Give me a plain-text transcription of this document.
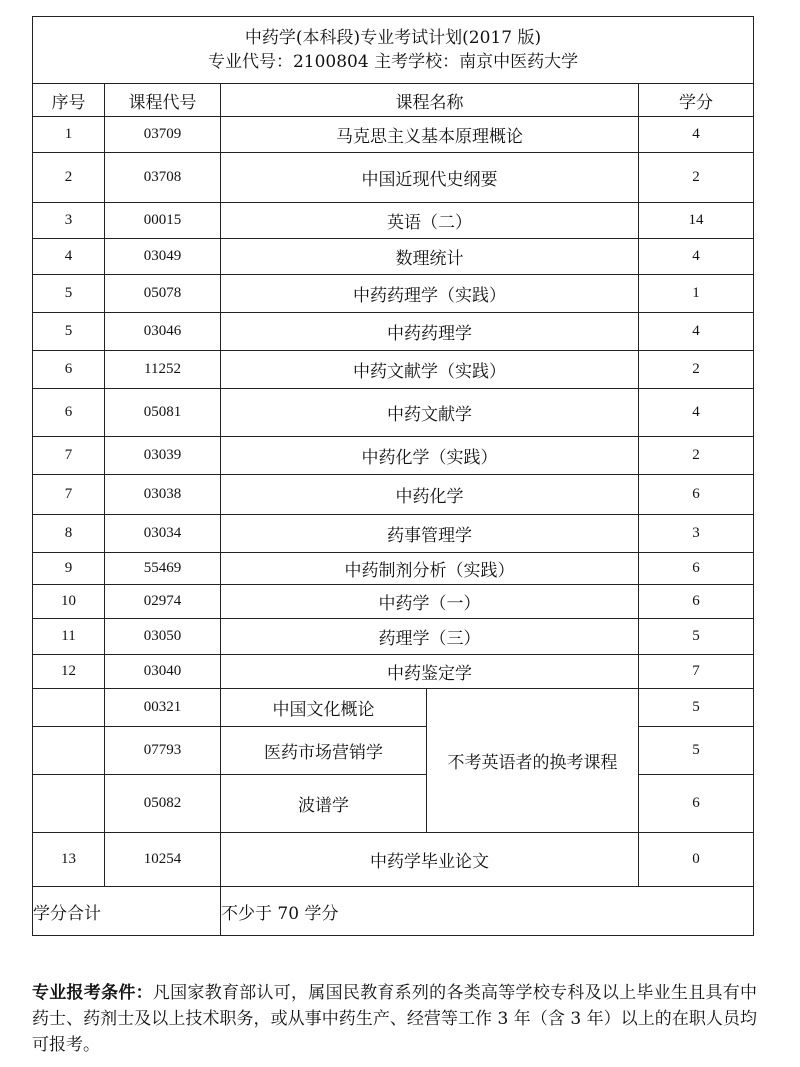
中药学(本科段)专业考试计划(2017 版)
专业代号：2100804 主考学校：南京中医药大学				

序号	课程代号	课程名称		学分
1	03709	马克思主义基本原理概论		4
2	03708	中国近现代史纲要		2
3	00015	英语（二）		14
4	03049	数理统计		4
5	05078	中药药理学（实践）		1
5	03046	中药药理学		4
6	11252	中药文献学（实践）		2
6	05081	中药文献学		4
7	03039	中药化学（实践）		2
7	03038	中药化学		6
8	03034	药事管理学		3
9	55469	中药制剂分析（实践）		6
10	02974	中药学（一）		6
11	03050	药理学（三）		5
12	03040	中药鉴定学		7
	00321	中国文化概论	不考英语者的换考课程	5
	07793	医药市场营销学		5
	05082	波谱学		6
13	10254	中药学毕业论文		0
学分合计		不少于 70 学分		
专业报考条件：凡国家教育部认可，属国民教育系列的各类高等学校专科及以上毕业生且具有中药士、药剂士及以上技术职务，或从事中药生产、经营等工作 3 年（含 3 年）以上的在职人员均可报考。
